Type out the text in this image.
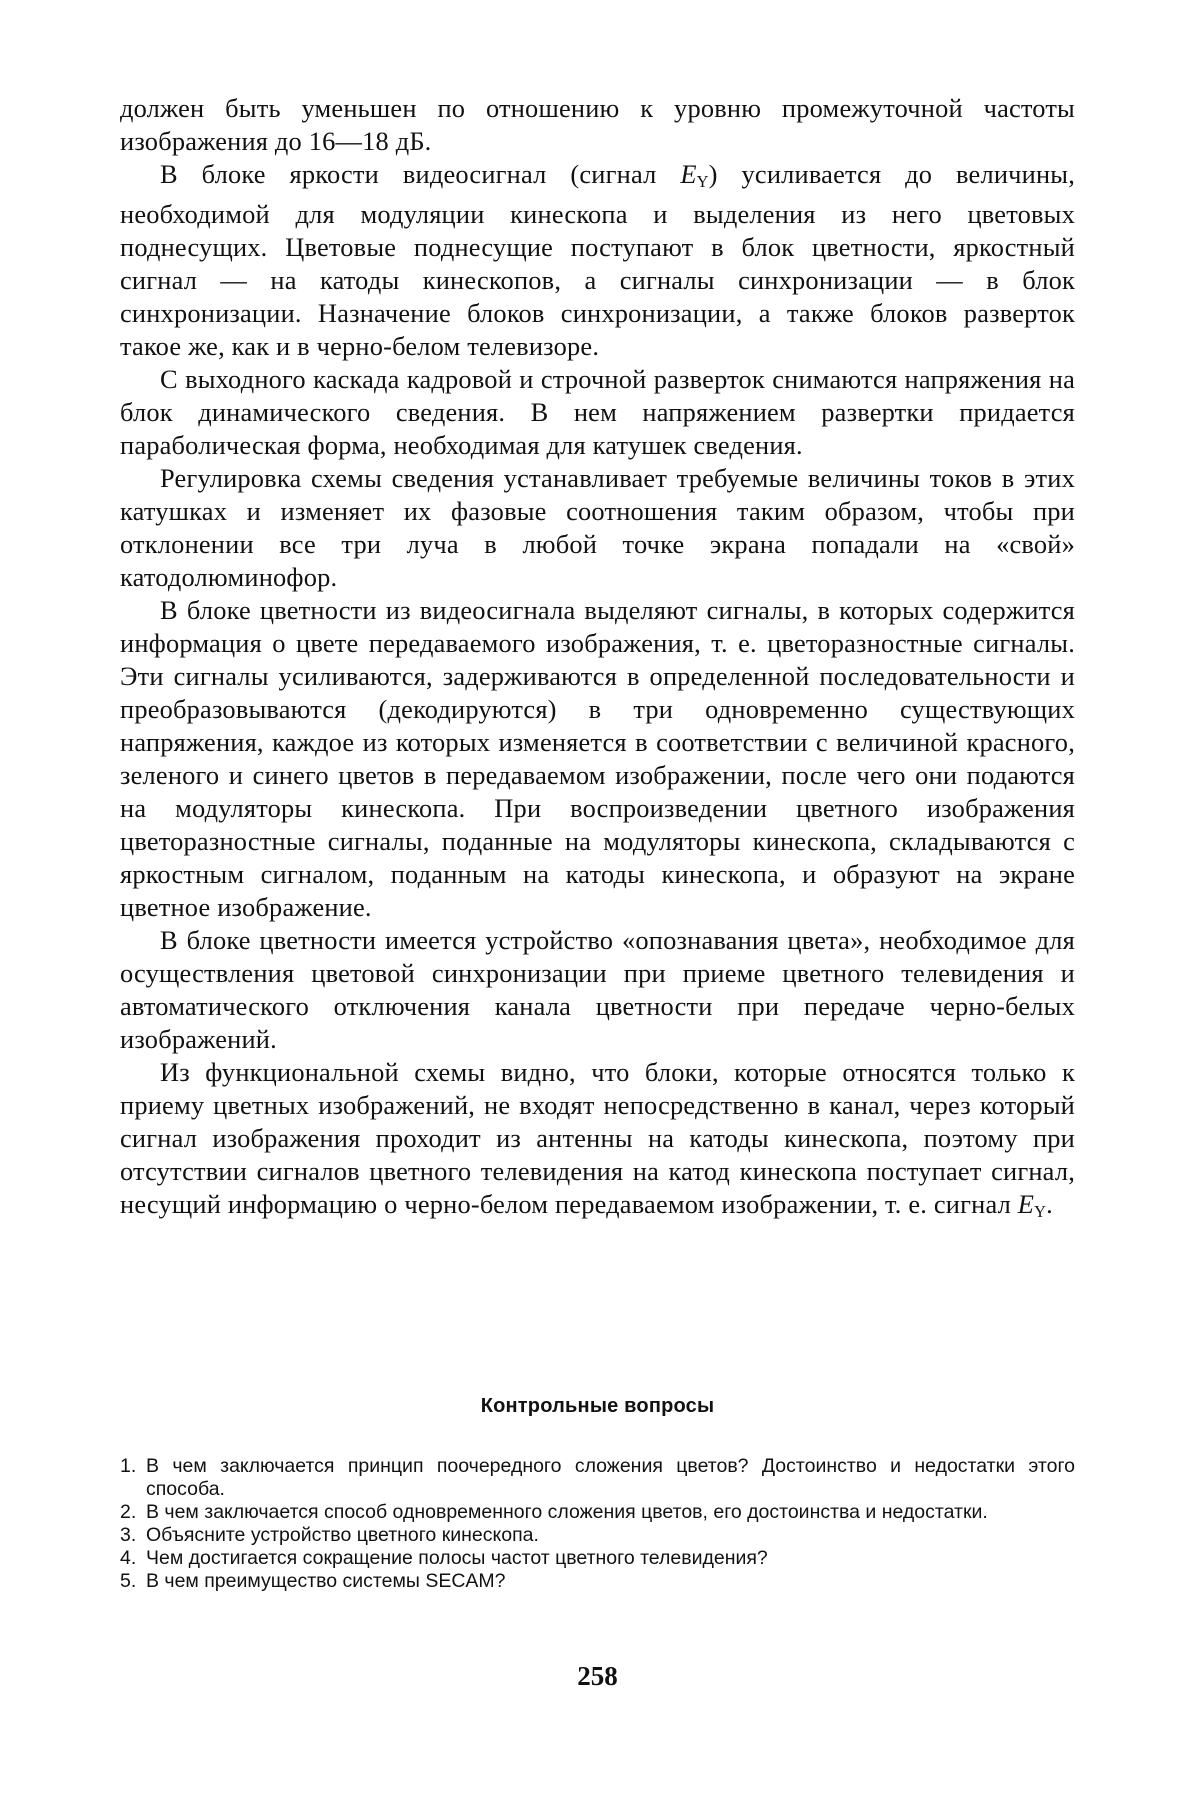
должен быть уменьшен по отношению к уровню промежуточной частоты изображения до 16—18 дБ.

В блоке яркости видеосигнал (сигнал $E_Y$) усиливается до величины, необходимой для модуляции кинескопа и выделения из него цветовых поднесущих. Цветовые поднесущие поступают в блок цветности, яркостный сигнал — на катоды кинескопов, а сигналы синхронизации — в блок синхронизации. Назначение блоков синхронизации, а также блоков разверток такое же, как и в черно-белом телевизоре.

С выходного каскада кадровой и строчной разверток снимаются напряжения на блок динамического сведения. В нем напряжением развертки придается параболическая форма, необходимая для катушек сведения.

Регулировка схемы сведения устанавливает требуемые величины токов в этих катушках и изменяет их фазовые соотношения таким образом, чтобы при отклонении все три луча в любой точке экрана попадали на «свой» катодолюминофор.

В блоке цветности из видеосигнала выделяют сигналы, в которых содержится информация о цвете передаваемого изображения, т. е. цветоразностные сигналы. Эти сигналы усиливаются, задерживаются в определенной последовательности и преобразовываются (декодируются) в три одновременно существующих напряжения, каждое из которых изменяется в соответствии с величиной красного, зеленого и синего цветов в передаваемом изображении, после чего они подаются на модуляторы кинескопа. При воспроизведении цветного изображения цветоразностные сигналы, поданные на модуляторы кинескопа, складываются с яркостным сигналом, поданным на катоды кинескопа, и образуют на экране цветное изображение.

В блоке цветности имеется устройство «опознавания цвета», необходимое для осуществления цветовой синхронизации при приеме цветного телевидения и автоматического отключения канала цветности при передаче черно-белых изображений.

Из функциональной схемы видно, что блоки, которые относятся только к приему цветных изображений, не входят непосредственно в канал, через который сигнал изображения проходит из антенны на катоды кинескопа, поэтому при отсутствии сигналов цветного телевидения на катод кинескопа поступает сигнал, несущий информацию о черно-белом передаваемом изображении, т. е. сигнал $E_Y$.

Контрольные вопросы
1. В чем заключается принцип поочередного сложения цветов? Достоинство и недостатки этого способа.
2. В чем заключается способ одновременного сложения цветов, его достоинства и недостатки.
3. Объясните устройство цветного кинескопа.
4. Чем достигается сокращение полосы частот цветного телевидения?
5. В чем преимущество системы SECAM?
258
